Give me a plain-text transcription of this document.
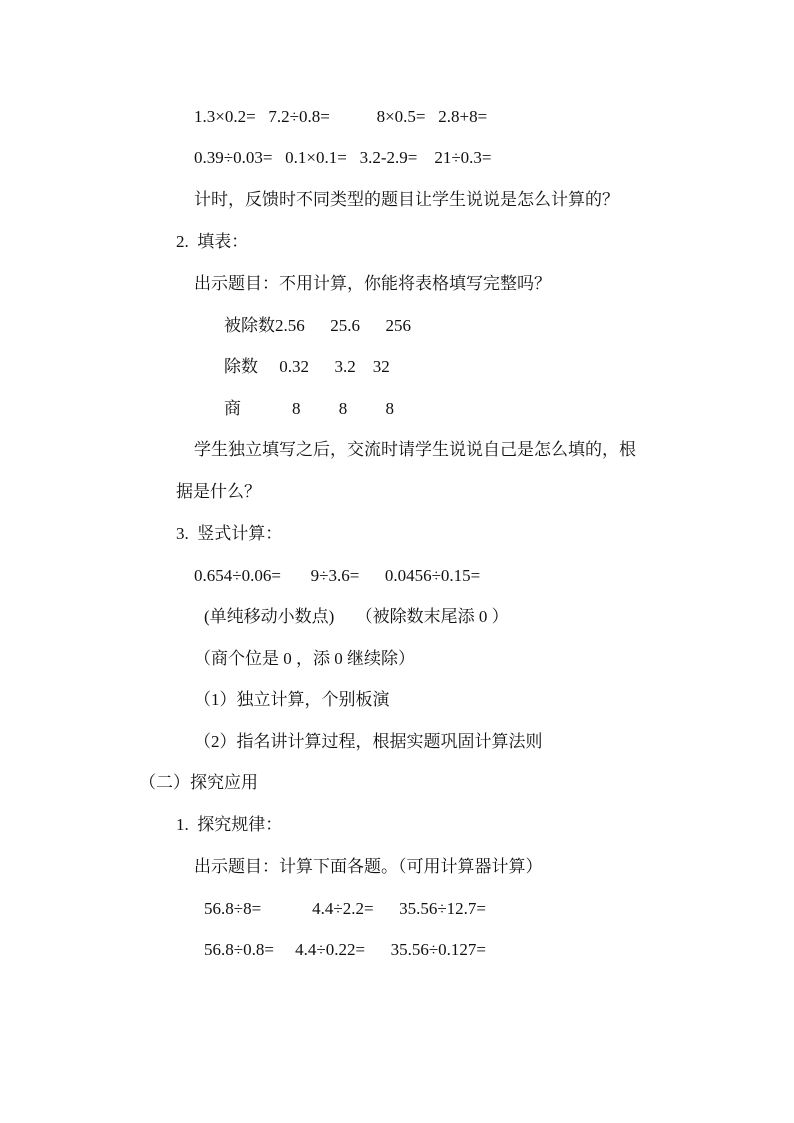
1.3×0.2=   7.2÷0.8=           8×0.5=   2.8+8=
0.39÷0.03=   0.1×0.1=   3.2-2.9=    21÷0.3=
计时，反馈时不同类型的题目让学生说说是怎么计算的？
2.  填表：
出示题目：不用计算，你能将表格填写完整吗？
被除数2.56      25.6      256
除数     0.32      3.2    32
商            8         8         8
学生独立填写之后，交流时请学生说说自己是怎么填的，根
据是什么？
3.  竖式计算：
0.654÷0.06=       9÷3.6=      0.0456÷0.15=
(单纯移动小数点)     （被除数末尾添 0 ）
（商个位是 0 ，添 0 继续除）
（1）独立计算，个别板演
（2）指名讲计算过程，根据实题巩固计算法则
（二）探究应用
1.  探究规律：
出示题目：计算下面各题。（可用计算器计算）
56.8÷8=            4.4÷2.2=      35.56÷12.7=
56.8÷0.8=     4.4÷0.22=      35.56÷0.127=
